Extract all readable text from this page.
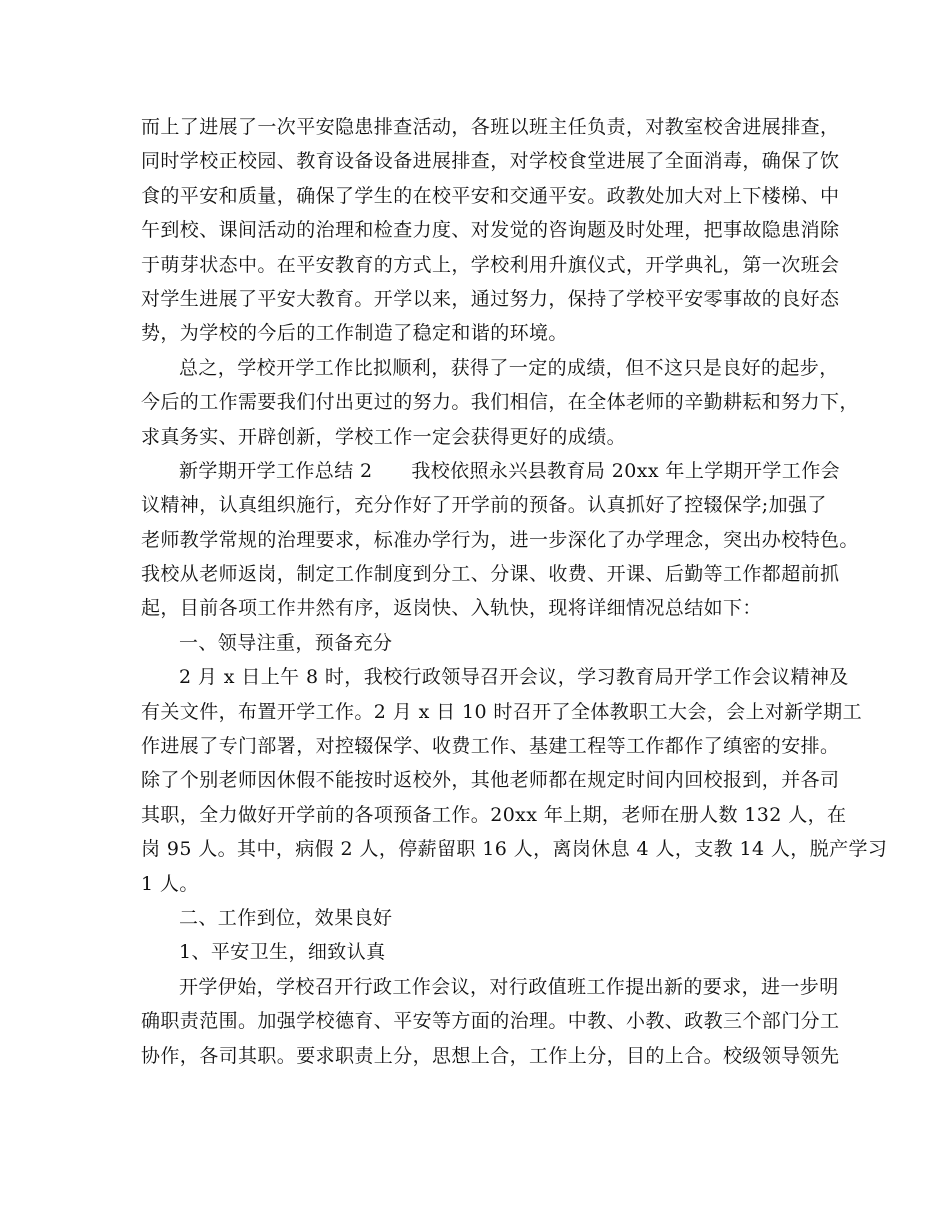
而上了进展了一次平安隐患排查活动，各班以班主任负责，对教室校舍进展排查，
同时学校正校园、教育设备设备进展排查，对学校食堂进展了全面消毒，确保了饮
食的平安和质量，确保了学生的在校平安和交通平安。政教处加大对上下楼梯、中
午到校、课间活动的治理和检查力度、对发觉的咨询题及时处理，把事故隐患消除
于萌芽状态中。在平安教育的方式上，学校利用升旗仪式，开学典礼，第一次班会
对学生进展了平安大教育。开学以来，通过努力，保持了学校平安零事故的良好态
势，为学校的今后的工作制造了稳定和谐的环境。
总之，学校开学工作比拟顺利，获得了一定的成绩，但不这只是良好的起步，
今后的工作需要我们付出更过的努力。我们相信，在全体老师的辛勤耕耘和努力下，
求真务实、开辟创新，学校工作一定会获得更好的成绩。
新学期开学工作总结 2　　我校依照永兴县教育局 20xx 年上学期开学工作会
议精神，认真组织施行，充分作好了开学前的预备。认真抓好了控辍保学;加强了
老师教学常规的治理要求，标准办学行为，进一步深化了办学理念，突出办校特色。
我校从老师返岗，制定工作制度到分工、分课、收费、开课、后勤等工作都超前抓
起，目前各项工作井然有序，返岗快、入轨快，现将详细情况总结如下：
一、领导注重，预备充分
2 月 x 日上午 8 时，我校行政领导召开会议，学习教育局开学工作会议精神及
有关文件，布置开学工作。2 月 x 日 10 时召开了全体教职工大会，会上对新学期工
作进展了专门部署，对控辍保学、收费工作、基建工程等工作都作了缜密的安排。
除了个别老师因休假不能按时返校外，其他老师都在规定时间内回校报到，并各司
其职，全力做好开学前的各项预备工作。20xx 年上期，老师在册人数 132 人，在
岗 95 人。其中，病假 2 人，停薪留职 16 人，离岗休息 4 人，支教 14 人，脱产学习
1 人。
二、工作到位，效果良好
1、平安卫生，细致认真
开学伊始，学校召开行政工作会议，对行政值班工作提出新的要求，进一步明
确职责范围。加强学校德育、平安等方面的治理。中教、小教、政教三个部门分工
协作，各司其职。要求职责上分，思想上合，工作上分，目的上合。校级领导领先
